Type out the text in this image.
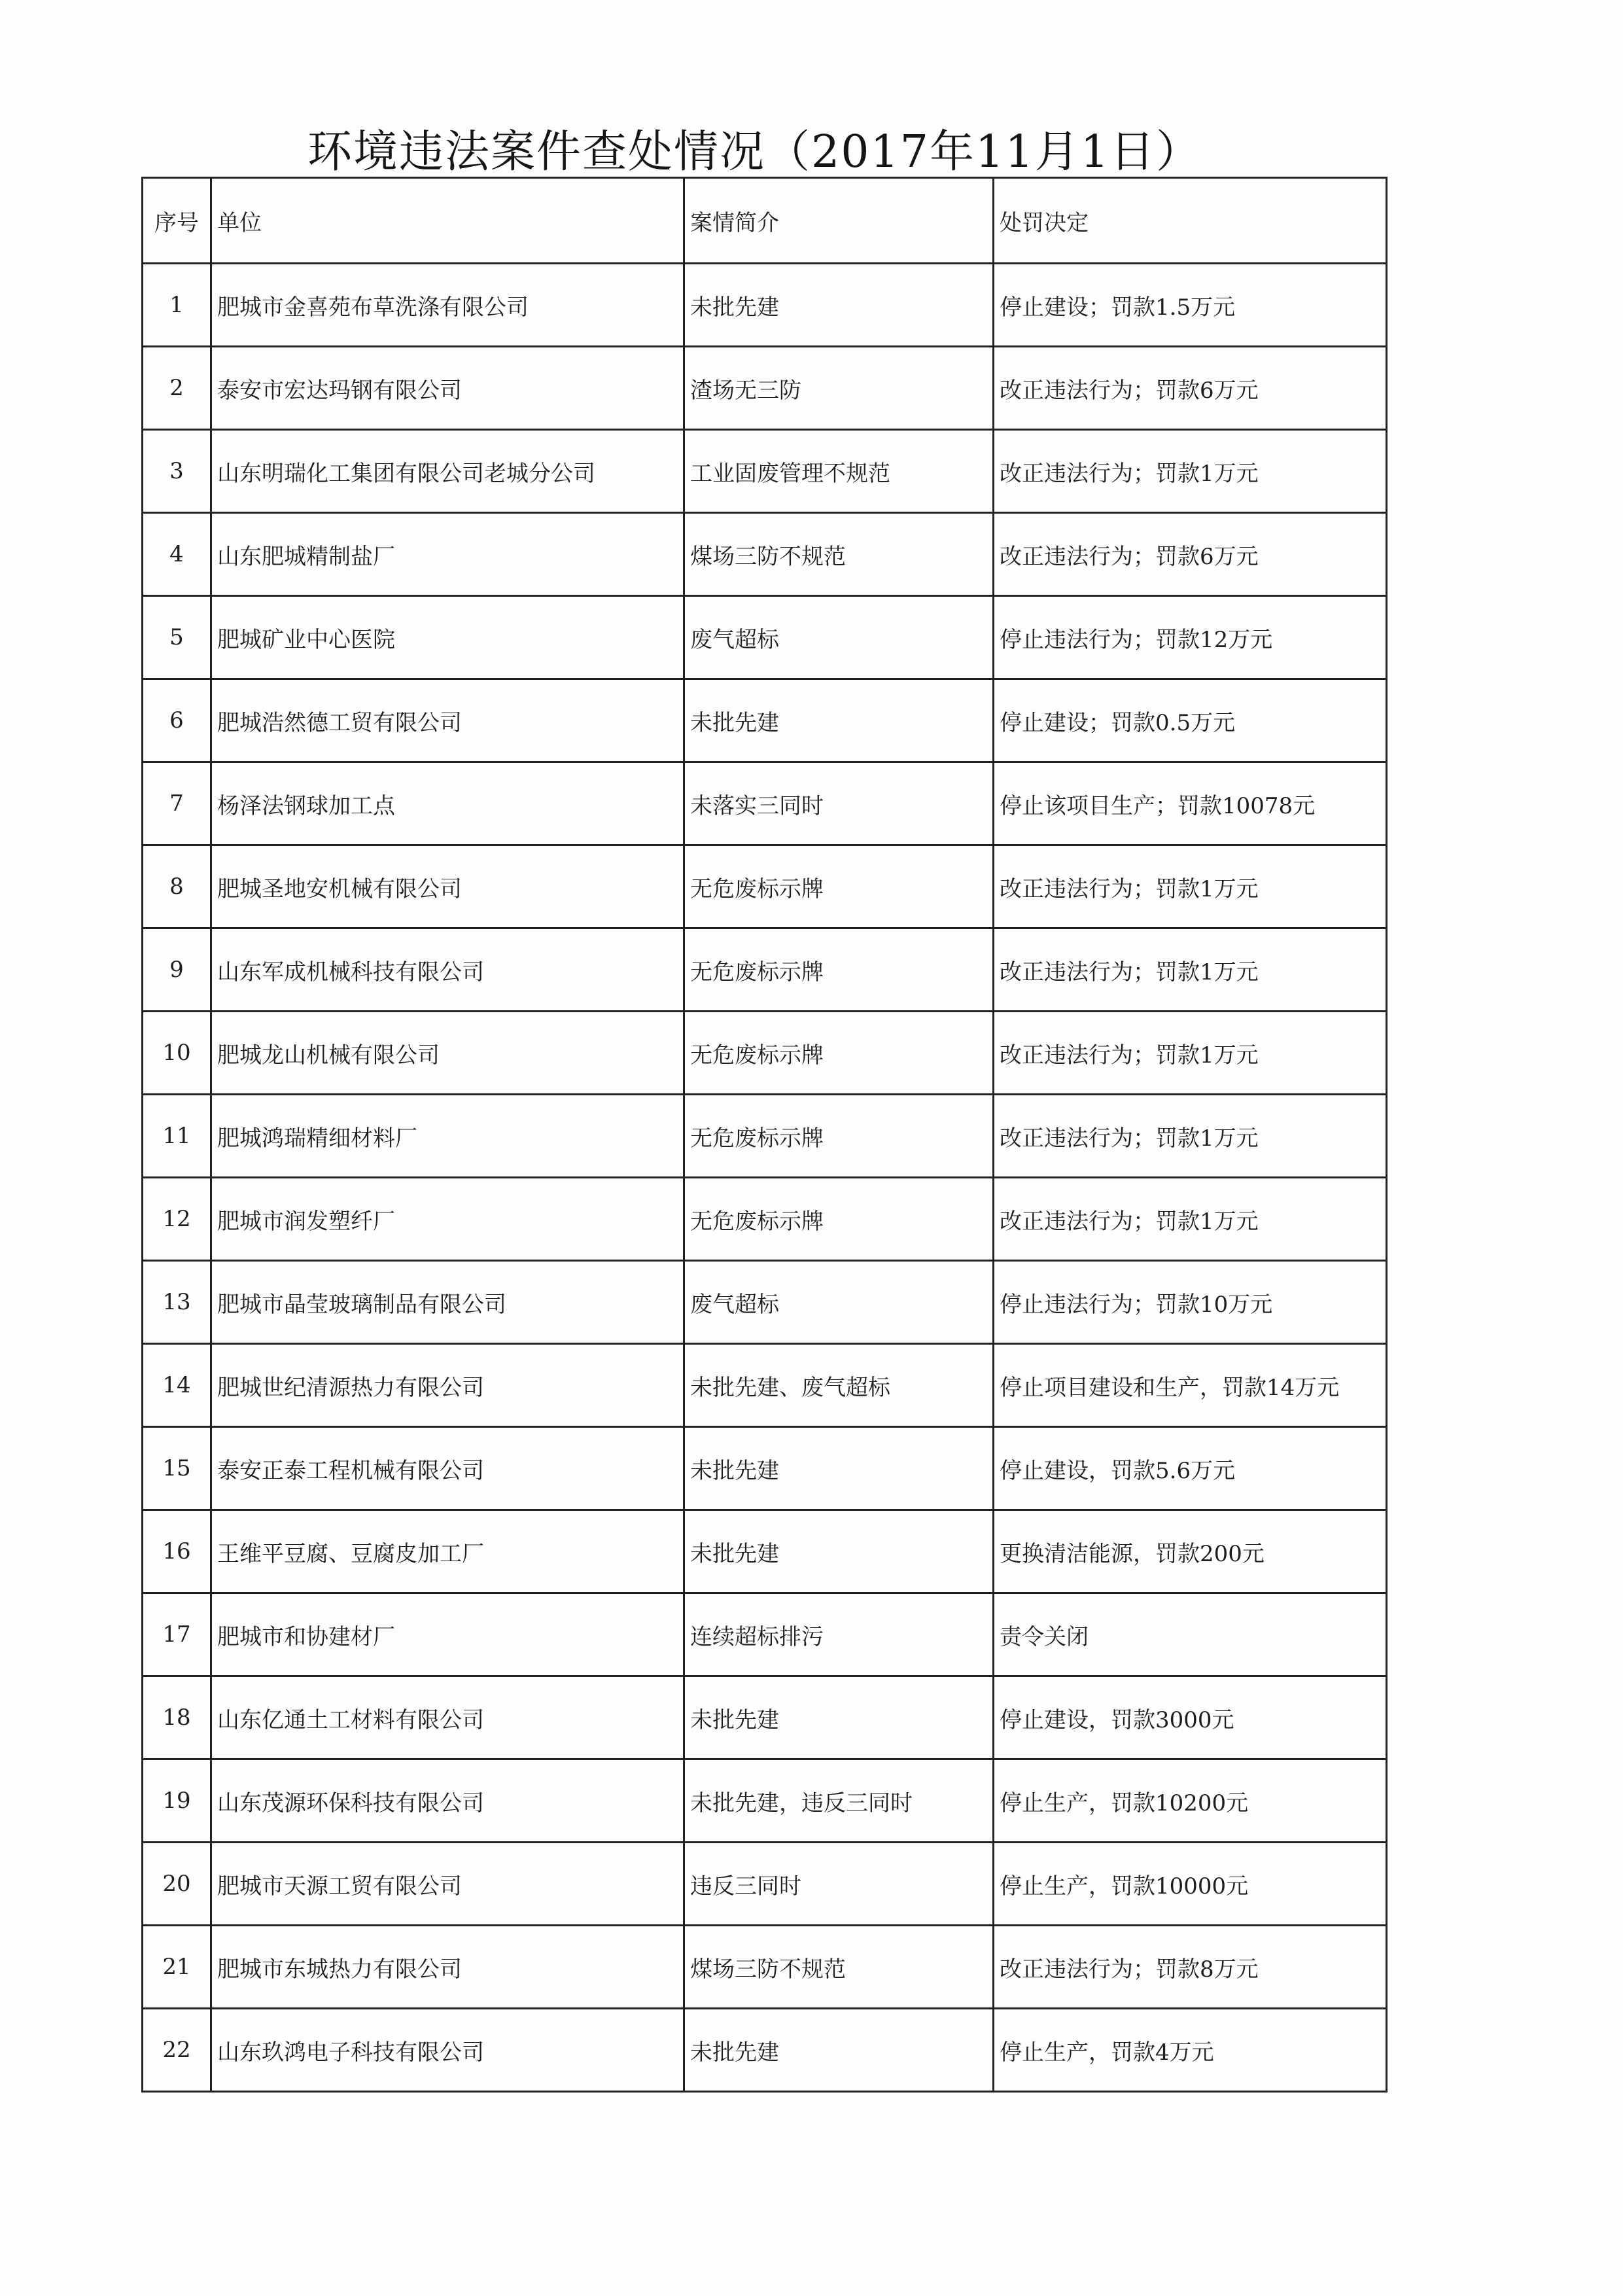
环境违法案件查处情况（2017年11月1日）
序号	单位	案情简介	处罚决定
1	肥城市金喜苑布草洗涤有限公司	未批先建	停止建设；罚款1.5万元
2	泰安市宏达玛钢有限公司	渣场无三防	改正违法行为；罚款6万元
3	山东明瑞化工集团有限公司老城分公司	工业固废管理不规范	改正违法行为；罚款1万元
4	山东肥城精制盐厂	煤场三防不规范	改正违法行为；罚款6万元
5	肥城矿业中心医院	废气超标	停止违法行为；罚款12万元
6	肥城浩然德工贸有限公司	未批先建	停止建设；罚款0.5万元
7	杨泽法钢球加工点	未落实三同时	停止该项目生产；罚款10078元
8	肥城圣地安机械有限公司	无危废标示牌	改正违法行为；罚款1万元
9	山东军成机械科技有限公司	无危废标示牌	改正违法行为；罚款1万元
10	肥城龙山机械有限公司	无危废标示牌	改正违法行为；罚款1万元
11	肥城鸿瑞精细材料厂	无危废标示牌	改正违法行为；罚款1万元
12	肥城市润发塑纤厂	无危废标示牌	改正违法行为；罚款1万元
13	肥城市晶莹玻璃制品有限公司	废气超标	停止违法行为；罚款10万元
14	肥城世纪清源热力有限公司	未批先建、废气超标	停止项目建设和生产，罚款14万元
15	泰安正泰工程机械有限公司	未批先建	停止建设，罚款5.6万元
16	王维平豆腐、豆腐皮加工厂	未批先建	更换清洁能源，罚款200元
17	肥城市和协建材厂	连续超标排污	责令关闭
18	山东亿通土工材料有限公司	未批先建	停止建设，罚款3000元
19	山东茂源环保科技有限公司	未批先建，违反三同时	停止生产，罚款10200元
20	肥城市天源工贸有限公司	违反三同时	停止生产，罚款10000元
21	肥城市东城热力有限公司	煤场三防不规范	改正违法行为；罚款8万元
22	山东玖鸿电子科技有限公司	未批先建	停止生产，罚款4万元
